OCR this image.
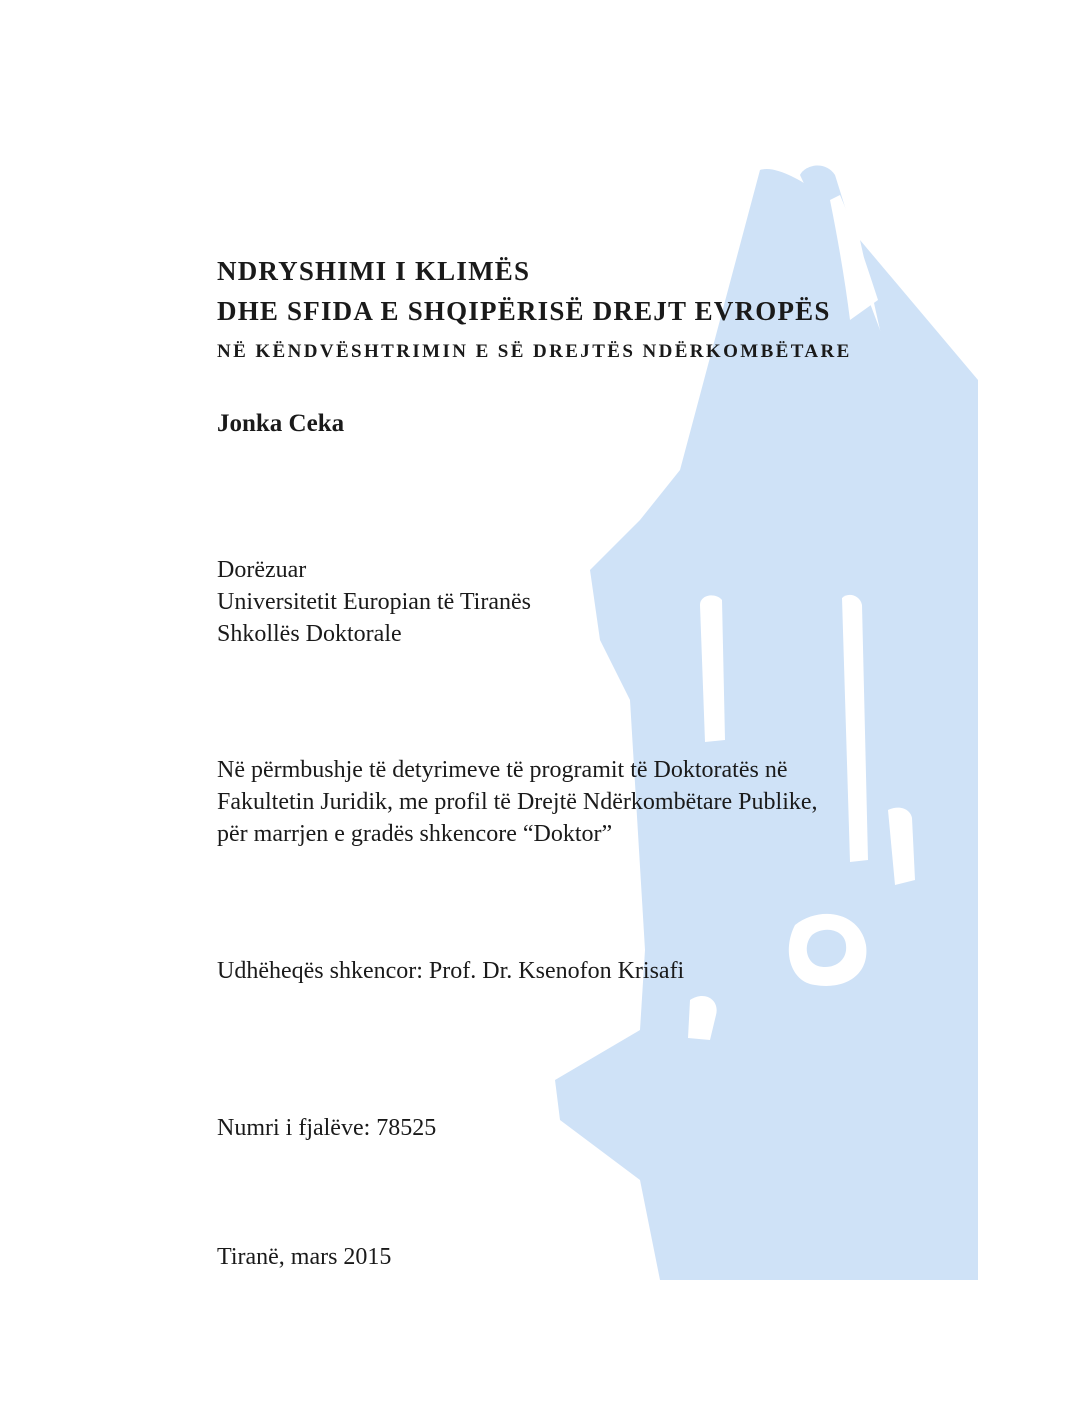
NDRYSHIMI I KLIMËS
DHE SFIDA E SHQIPËRISË DREJT EVROPËS
NË KËNDVËSHTRIMIN E SË DREJTËS NDËRKOMBËTARE
Jonka Ceka
Dorëzuar
Universitetit Europian të Tiranës
Shkollës Doktorale
Në përmbushje të detyrimeve të programit të Doktoratës në
Fakultetin Juridik, me profil të Drejtë Ndërkombëtare Publike,
për marrjen e gradës shkencore “Doktor”
Udhëheqës shkencor: Prof. Dr. Ksenofon Krisafi
Numri i fjalëve: 78525
Tiranë, mars 2015
